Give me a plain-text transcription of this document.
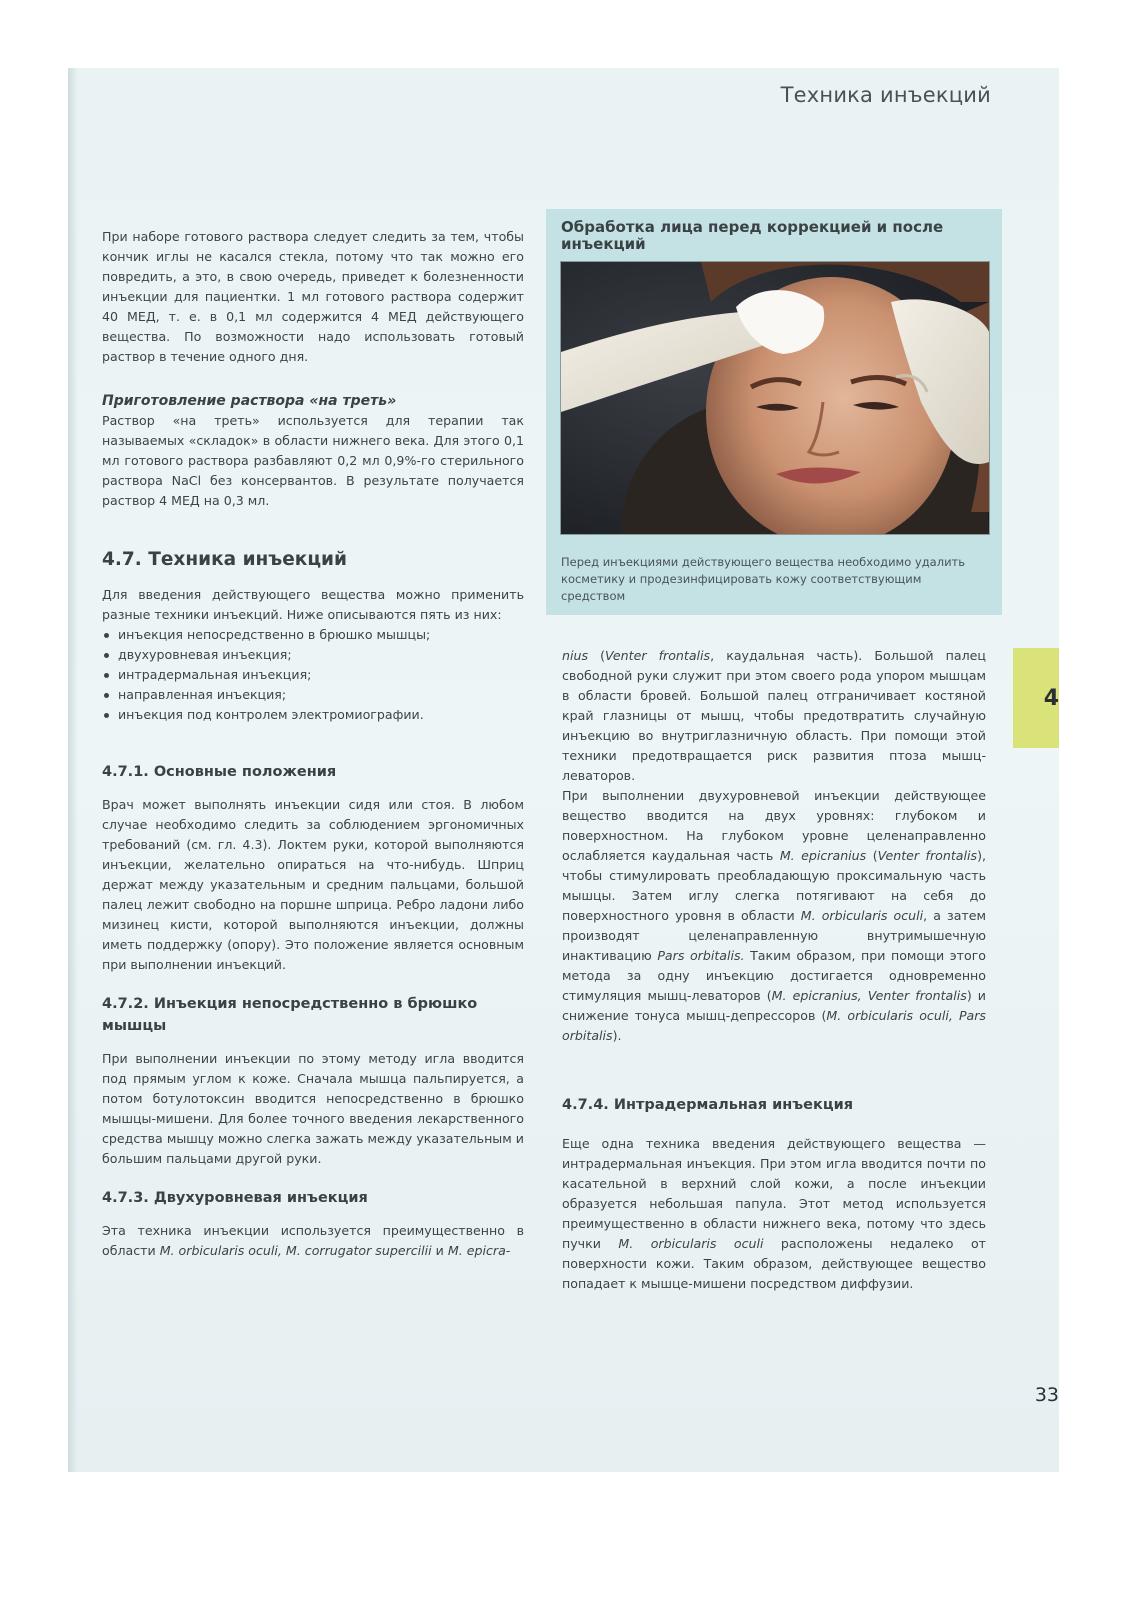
Техника инъекций

При наборе готового раствора следует следить за тем, чтобы кончик иглы не касался стекла, потому что так можно его повредить, а это, в свою очередь, приведет к болезненности инъекции для пациентки. 1 мл готового раствора содержит 40 МЕД, т. е. в 0,1 мл содержится 4 МЕД действующего вещества. По возможности надо использовать готовый раствор в течение одного дня.

Приготовление раствора «на треть»

Раствор «на треть» используется для терапии так называемых «складок» в области нижнего века. Для этого 0,1 мл готового раствора разбавляют 0,2 мл 0,9%-го стерильного раствора NaCl без консервантов. В результате получается раствор 4 МЕД на 0,3 мл.

4.7. Техника инъекций

Для введения действующего вещества можно применить разные техники инъекций. Ниже описываются пять из них:

инъекция непосредственно в брюшко мышцы;
двухуровневая инъекция;
интрадермальная инъекция;
направленная инъекция;
инъекция под контролем электромиографии.
4.7.1. Основные положения

Врач может выполнять инъекции сидя или стоя. В любом случае необходимо следить за соблюдением эргономичных требований (см. гл. 4.3). Локтем руки, которой выполняются инъекции, желательно опираться на что-нибудь. Шприц держат между указательным и средним пальцами, большой палец лежит свободно на поршне шприца. Ребро ладони либо мизинец кисти, которой выполняются инъекции, должны иметь поддержку (опору). Это положение является основным при выполнении инъекций.

4.7.2. Инъекция непосредственно в брюшко мышцы

При выполнении инъекции по этому методу игла вводится под прямым углом к коже. Сначала мышца пальпируется, а потом ботулотоксин вводится непосредственно в брюшко мышцы-мишени. Для более точного введения лекарственного средства мышцу можно слегка зажать между указательным и большим пальцами другой руки.

4.7.3. Двухуровневая инъекция

Эта техника инъекции используется преимущественно в области M. orbicularis oculi, M. corrugator supercilii и M. epicra-

Обработка лица перед коррекцией и после инъекций
Перед инъекциями действующего вещества необходимо удалить косметику и продезинфицировать кожу соответствующим средством

nius (Venter frontalis, каудальная часть). Большой палец свободной руки служит при этом своего рода упором мышцам в области бровей. Большой палец отграничивает костяной край глазницы от мышц, чтобы предотвратить случайную инъекцию во внутриглазничную область. При помощи этой техники предотвращается риск развития птоза мышц-леваторов.

При выполнении двухуровневой инъекции действующее вещество вводится на двух уровнях: глубоком и поверхностном. На глубоком уровне целенаправленно ослабляется каудальная часть M. epicranius (Venter frontalis), чтобы стимулировать преобладающую проксимальную часть мышцы. Затем иглу слегка потягивают на себя до поверхностного уровня в области M. orbicularis oculi, а затем производят целенаправленную внутримышечную инактивацию Pars orbitalis. Таким образом, при помощи этого метода за одну инъекцию достигается одновременно стимуляция мышц-леваторов (M. epicranius, Venter frontalis) и снижение тонуса мышц-депрессоров (M. orbicularis oculi, Pars orbitalis).

4.7.4. Интрадермальная инъекция

Еще одна техника введения действующего вещества — интрадермальная инъекция. При этом игла вводится почти по касательной в верхний слой кожи, а после инъекции образуется небольшая папула. Этот метод используется преимущественно в области нижнего века, потому что здесь пучки M. orbicularis oculi расположены недалеко от поверхности кожи. Таким образом, действующее вещество попадает к мышце-мишени посредством диффузии.

4
33
